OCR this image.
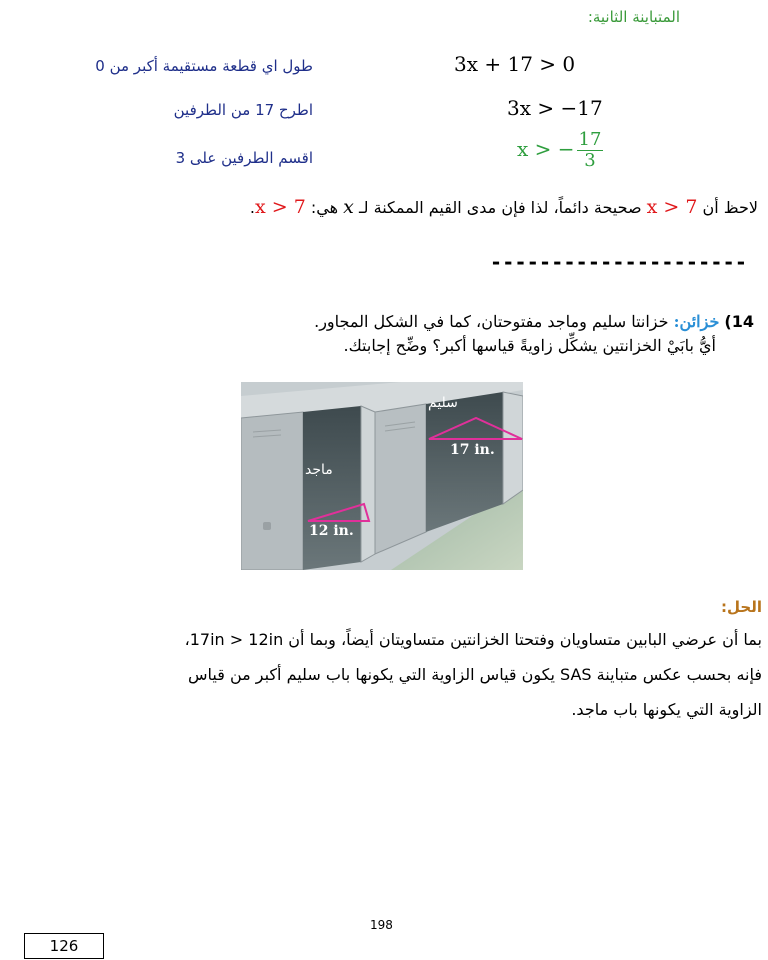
المتباينة الثانية:
طول اي قطعة مستقيمة أكبر من 0	3x + 17 > 0
اطرح 17 من الطرفين	3x > −17
اقسم الطرفين على 3	x > − $\frac{17}{3}$
لاحظ أن x > 7 صحيحة دائماً، لذا فإن مدى القيم الممكنة لـ x هي: x > 7.
---------------------
14) خزائن: خزانتا سليم وماجد مفتوحتان، كما في الشكل المجاور.
أيُّ بابَيْ الخزانتين يشكِّل زاويةً قياسها أكبر؟ وضِّح إجابتك.
سليم
ماجد
17 in.
12 in.
الحل:

بما أن عرضي البابين متساويان وفتحتا الخزانتين متساويتان أيضاً، وبما أن 17in > 12in،

فإنه بحسب عكس متباينة SAS يكون قياس الزاوية التي يكونها باب سليم أكبر من قياس

الزاوية التي يكونها باب ماجد.

198
126
